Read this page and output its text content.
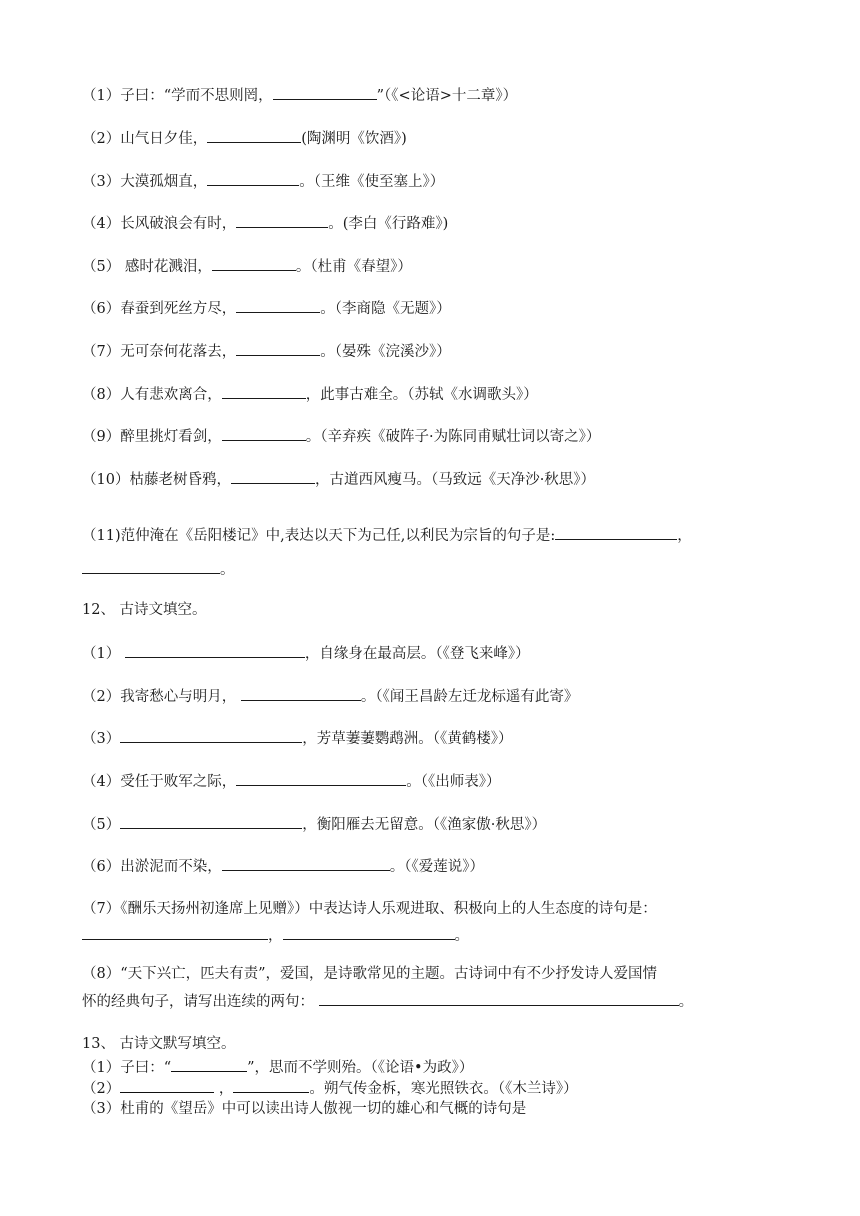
（1）子曰：“学而不思则罔，	”（《<论语>十二章》）
（2）山气日夕佳，	(陶渊明《饮酒》)
（3）大漠孤烟直，	。（王维《使至塞上》）
（4）长风破浪会有时，	。(李白《行路难》)
（5） 感时花溅泪，	。（杜甫《春望》）
（6）春蚕到死丝方尽，	。（李商隐《无题》）
（7）无可奈何花落去，	。（晏殊《浣溪沙》）
（8）人有悲欢离合，	，此事古难全。（苏轼《水调歌头》）
（9）醉里挑灯看剑，	。（辛弃疾《破阵子·为陈同甫赋壮词以寄之》）
（10）枯藤老树昏鸦，	，古道西风瘦马。（马致远《天净沙·秋思》）
（11)范仲淹在《岳阳楼记》中,表达以天下为己任,以利民为宗旨的句子是:	，
。
12、 古诗文填空。
（1）	，自缘身在最高层。（《登飞来峰》）
（2）我寄愁心与明月，	。（《闻王昌龄左迁龙标遥有此寄》
（3）	，芳草萋萋鹦鹉洲。（《黄鹤楼》）
（4）受任于败军之际，	。（《出师表》）
（5）	，衡阳雁去无留意。（《渔家傲·秋思》）
（6）出淤泥而不染，	。（《爱莲说》）
（7）《酬乐天扬州初逢席上见赠》）中表达诗人乐观进取、积极向上的人生态度的诗句是：
，	。
（8）“天下兴亡，匹夫有责”，爱国，是诗歌常见的主题。古诗词中有不少抒发诗人爱国情
怀的经典句子，请写出连续的两句：	。
13、 古诗文默写填空。
（1）子曰：“	”，思而不学则殆。（《论语•为政》）
（2）	，	。朔气传金柝，寒光照铁衣。（《木兰诗》）
（3）杜甫的《望岳》中可以读出诗人傲视一切的雄心和气概的诗句是
